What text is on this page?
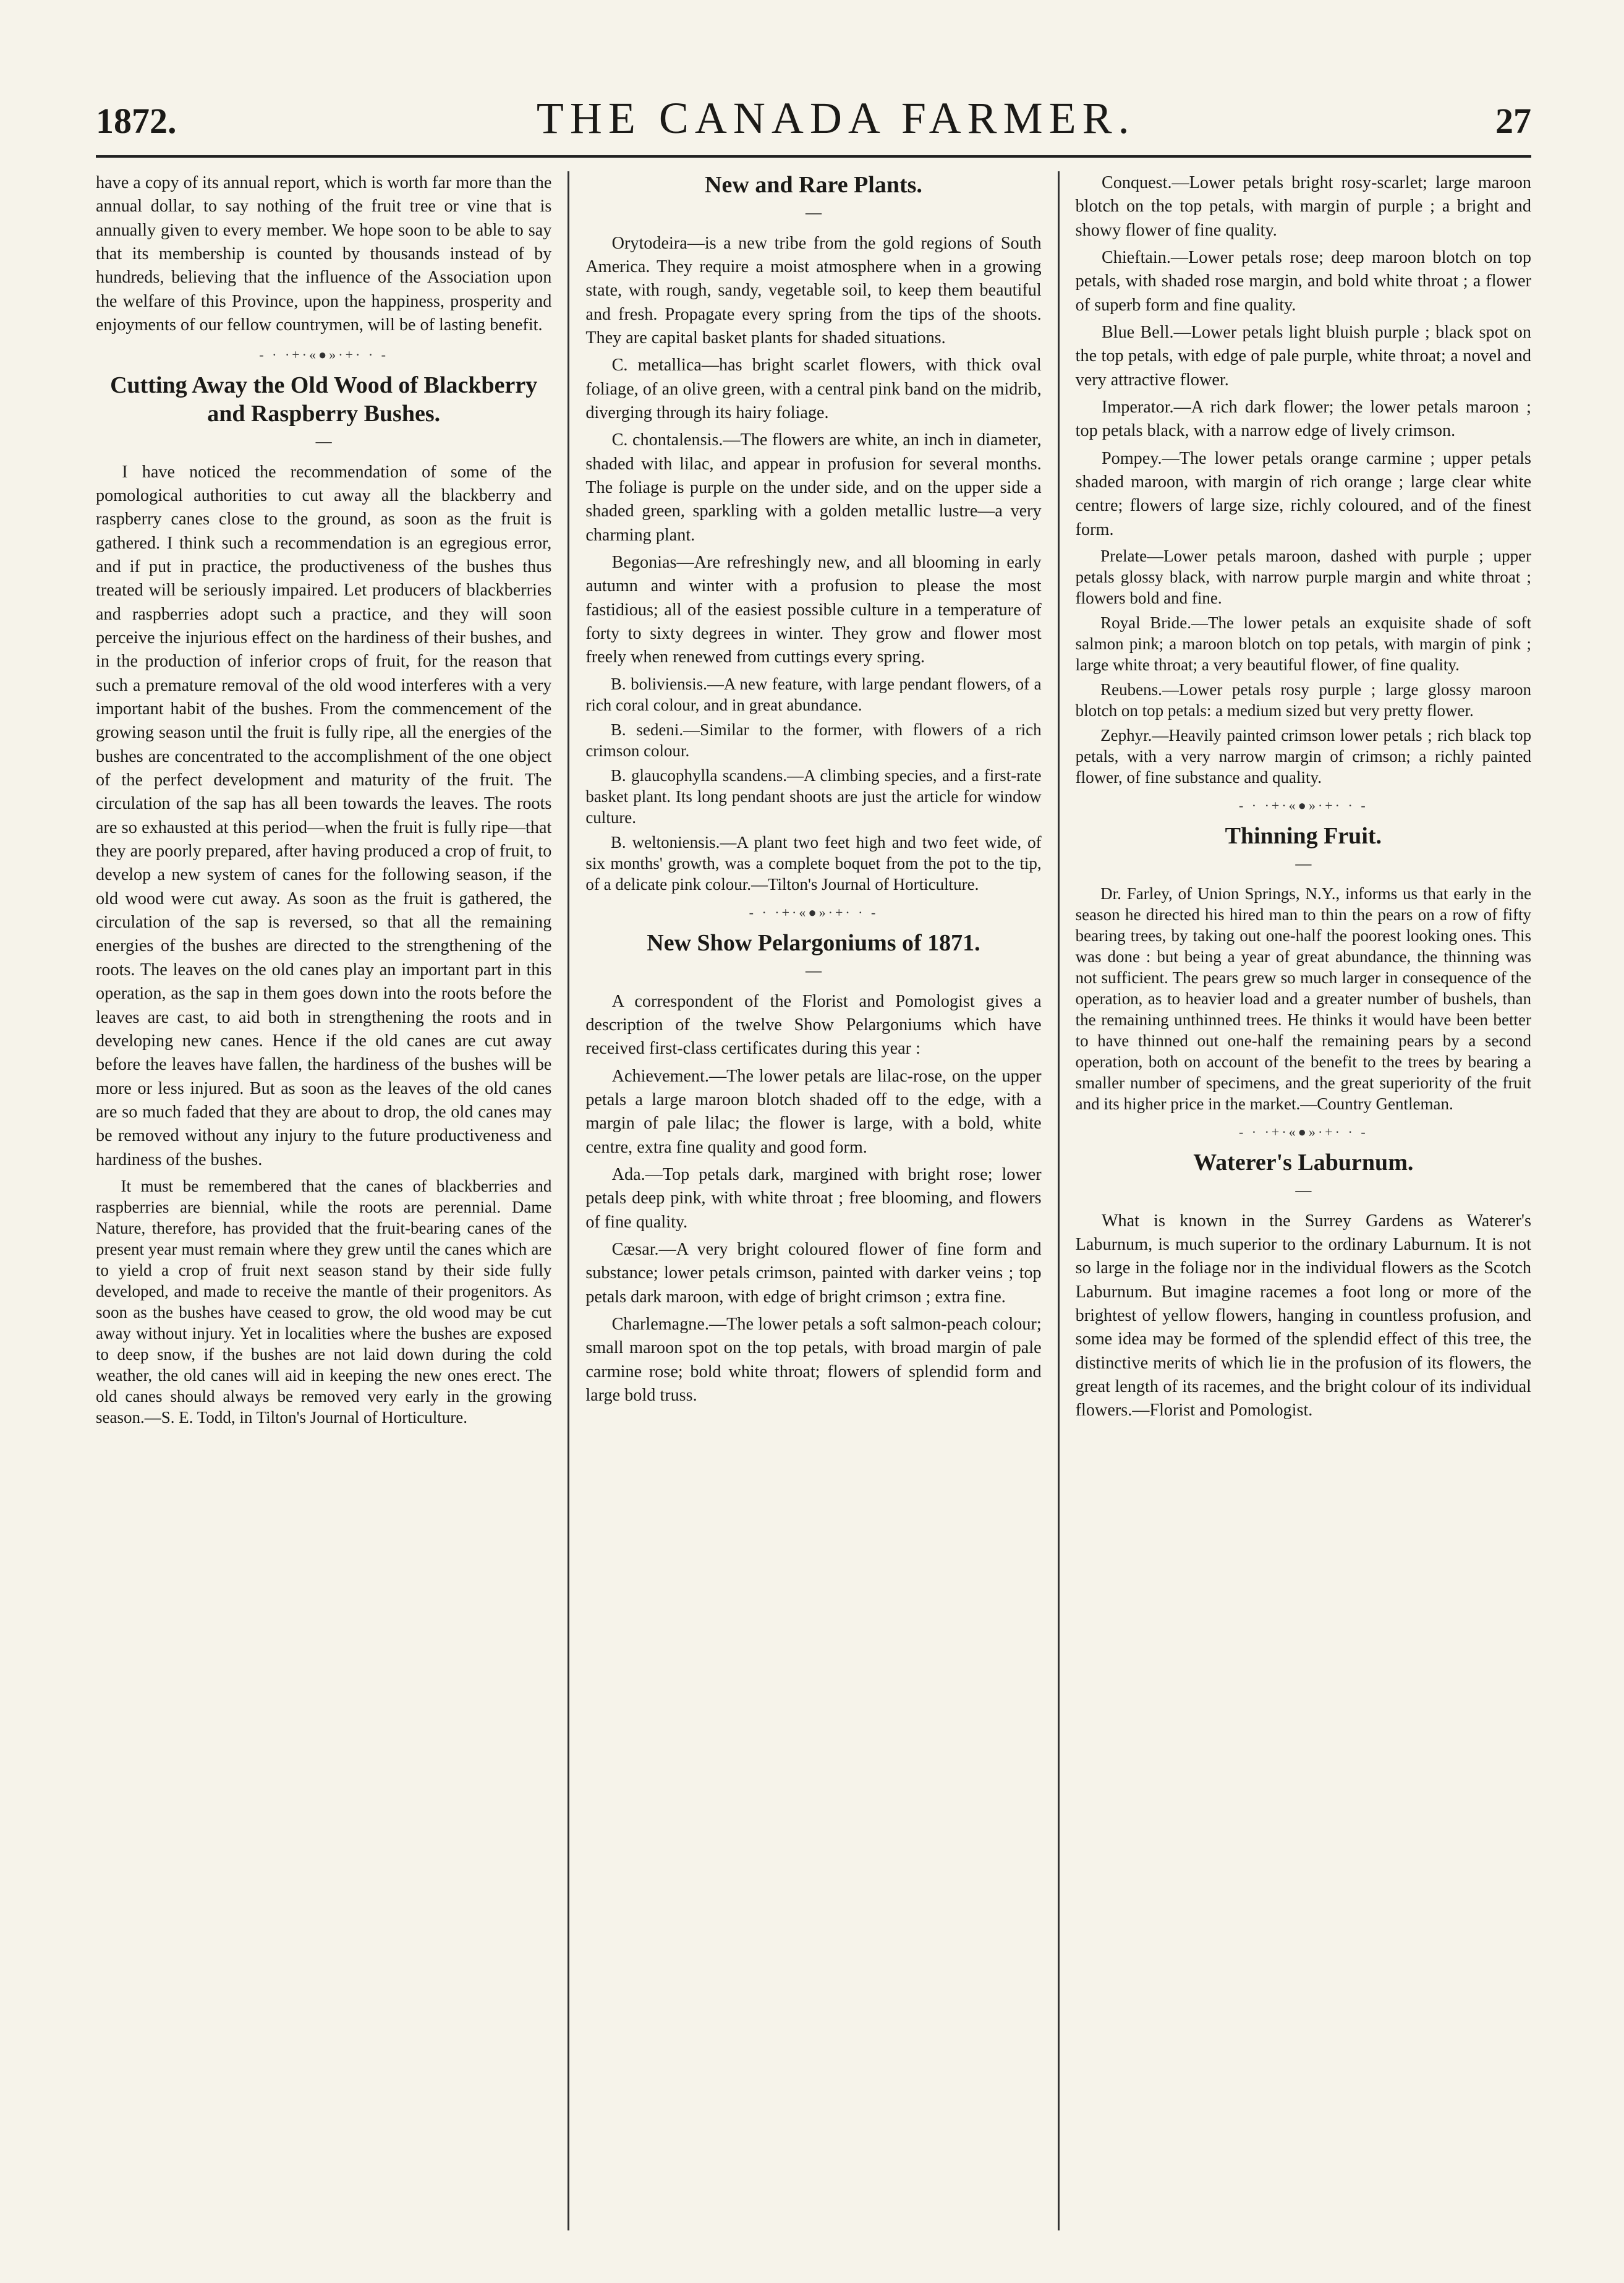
1872.	THE CANADA FARMER.	27

have a copy of its annual report, which is worth far more than the annual dollar, to say nothing of the fruit tree or vine that is annually given to every member. We hope soon to be able to say that its membership is counted by thousands instead of by hundreds, believing that the influence of the Association upon the welfare of this Province, upon the happiness, prosperity and enjoyments of our fellow countrymen, will be of lasting benefit.

- · ·+·«●»·+· · -
Cutting Away the Old Wood of Blackberry and Raspberry Bushes.
—

I have noticed the recommendation of some of the pomological authorities to cut away all the blackberry and raspberry canes close to the ground, as soon as the fruit is gathered. I think such a recommendation is an egregious error, and if put in practice, the productiveness of the bushes thus treated will be seriously impaired. Let producers of blackberries and raspberries adopt such a practice, and they will soon perceive the injurious effect on the hardiness of their bushes, and in the production of inferior crops of fruit, for the reason that such a premature removal of the old wood interferes with a very important habit of the bushes. From the commencement of the growing season until the fruit is fully ripe, all the energies of the bushes are concentrated to the accomplishment of the one object of the perfect development and maturity of the fruit. The circulation of the sap has all been towards the leaves. The roots are so exhausted at this period—when the fruit is fully ripe—that they are poorly prepared, after having produced a crop of fruit, to develop a new system of canes for the following season, if the old wood were cut away. As soon as the fruit is gathered, the circulation of the sap is reversed, so that all the remaining energies of the bushes are directed to the strengthening of the roots. The leaves on the old canes play an important part in this operation, as the sap in them goes down into the roots before the leaves are cast, to aid both in strengthening the roots and in developing new canes. Hence if the old canes are cut away before the leaves have fallen, the hardiness of the bushes will be more or less injured. But as soon as the leaves of the old canes are so much faded that they are about to drop, the old canes may be removed without any injury to the future productiveness and hardiness of the bushes.

It must be remembered that the canes of blackberries and raspberries are biennial, while the roots are perennial. Dame Nature, therefore, has provided that the fruit-bearing canes of the present year must remain where they grew until the canes which are to yield a crop of fruit next season stand by their side fully developed, and made to receive the mantle of their progenitors. As soon as the bushes have ceased to grow, the old wood may be cut away without injury. Yet in localities where the bushes are exposed to deep snow, if the bushes are not laid down during the cold weather, the old canes will aid in keeping the new ones erect. The old canes should always be removed very early in the growing season.—S. E. Todd, in Tilton's Journal of Horticulture.

New and Rare Plants.
—

Orytodeira—is a new tribe from the gold regions of South America. They require a moist atmosphere when in a growing state, with rough, sandy, vegetable soil, to keep them beautiful and fresh. Propagate every spring from the tips of the shoots. They are capital basket plants for shaded situations.

C. metallica—has bright scarlet flowers, with thick oval foliage, of an olive green, with a central pink band on the midrib, diverging through its hairy foliage.

C. chontalensis.—The flowers are white, an inch in diameter, shaded with lilac, and appear in profusion for several months. The foliage is purple on the under side, and on the upper side a shaded green, sparkling with a golden metallic lustre—a very charming plant.

Begonias—Are refreshingly new, and all blooming in early autumn and winter with a profusion to please the most fastidious; all of the easiest possible culture in a temperature of forty to sixty degrees in winter. They grow and flower most freely when renewed from cuttings every spring.

B. boliviensis.—A new feature, with large pendant flowers, of a rich coral colour, and in great abundance.

B. sedeni.—Similar to the former, with flowers of a rich crimson colour.

B. glaucophylla scandens.—A climbing species, and a first-rate basket plant. Its long pendant shoots are just the article for window culture.

B. weltoniensis.—A plant two feet high and two feet wide, of six months' growth, was a complete boquet from the pot to the tip, of a delicate pink colour.—Tilton's Journal of Horticulture.

- · ·+·«●»·+· · -
New Show Pelargoniums of 1871.
—

A correspondent of the Florist and Pomologist gives a description of the twelve Show Pelargoniums which have received first-class certificates during this year :

Achievement.—The lower petals are lilac-rose, on the upper petals a large maroon blotch shaded off to the edge, with a margin of pale lilac; the flower is large, with a bold, white centre, extra fine quality and good form.

Ada.—Top petals dark, margined with bright rose; lower petals deep pink, with white throat ; free blooming, and flowers of fine quality.

Cæsar.—A very bright coloured flower of fine form and substance; lower petals crimson, painted with darker veins ; top petals dark maroon, with edge of bright crimson ; extra fine.

Charlemagne.—The lower petals a soft salmon-peach colour; small maroon spot on the top petals, with broad margin of pale carmine rose; bold white throat; flowers of splendid form and large bold truss.

Conquest.—Lower petals bright rosy-scarlet; large maroon blotch on the top petals, with margin of purple ; a bright and showy flower of fine quality.

Chieftain.—Lower petals rose; deep maroon blotch on top petals, with shaded rose margin, and bold white throat ; a flower of superb form and fine quality.

Blue Bell.—Lower petals light bluish purple ; black spot on the top petals, with edge of pale purple, white throat; a novel and very attractive flower.

Imperator.—A rich dark flower; the lower petals maroon ; top petals black, with a narrow edge of lively crimson.

Pompey.—The lower petals orange carmine ; upper petals shaded maroon, with margin of rich orange ; large clear white centre; flowers of large size, richly coloured, and of the finest form.

Prelate—Lower petals maroon, dashed with purple ; upper petals glossy black, with narrow purple margin and white throat ; flowers bold and fine.

Royal Bride.—The lower petals an exquisite shade of soft salmon pink; a maroon blotch on top petals, with margin of pink ; large white throat; a very beautiful flower, of fine quality.

Reubens.—Lower petals rosy purple ; large glossy maroon blotch on top petals: a medium sized but very pretty flower.

Zephyr.—Heavily painted crimson lower petals ; rich black top petals, with a very narrow margin of crimson; a richly painted flower, of fine substance and quality.

- · ·+·«●»·+· · -
Thinning Fruit.
—

Dr. Farley, of Union Springs, N.Y., informs us that early in the season he directed his hired man to thin the pears on a row of fifty bearing trees, by taking out one-half the poorest looking ones. This was done : but being a year of great abundance, the thinning was not sufficient. The pears grew so much larger in consequence of the operation, as to heavier load and a greater number of bushels, than the remaining unthinned trees. He thinks it would have been better to have thinned out one-half the remaining pears by a second operation, both on account of the benefit to the trees by bearing a smaller number of specimens, and the great superiority of the fruit and its higher price in the market.—Country Gentleman.

- · ·+·«●»·+· · -
Waterer's Laburnum.
—

What is known in the Surrey Gardens as Waterer's Laburnum, is much superior to the ordinary Laburnum. It is not so large in the foliage nor in the individual flowers as the Scotch Laburnum. But imagine racemes a foot long or more of the brightest of yellow flowers, hanging in countless profusion, and some idea may be formed of the splendid effect of this tree, the distinctive merits of which lie in the profusion of its flowers, the great length of its racemes, and the bright colour of its individual flowers.—Florist and Pomologist.
